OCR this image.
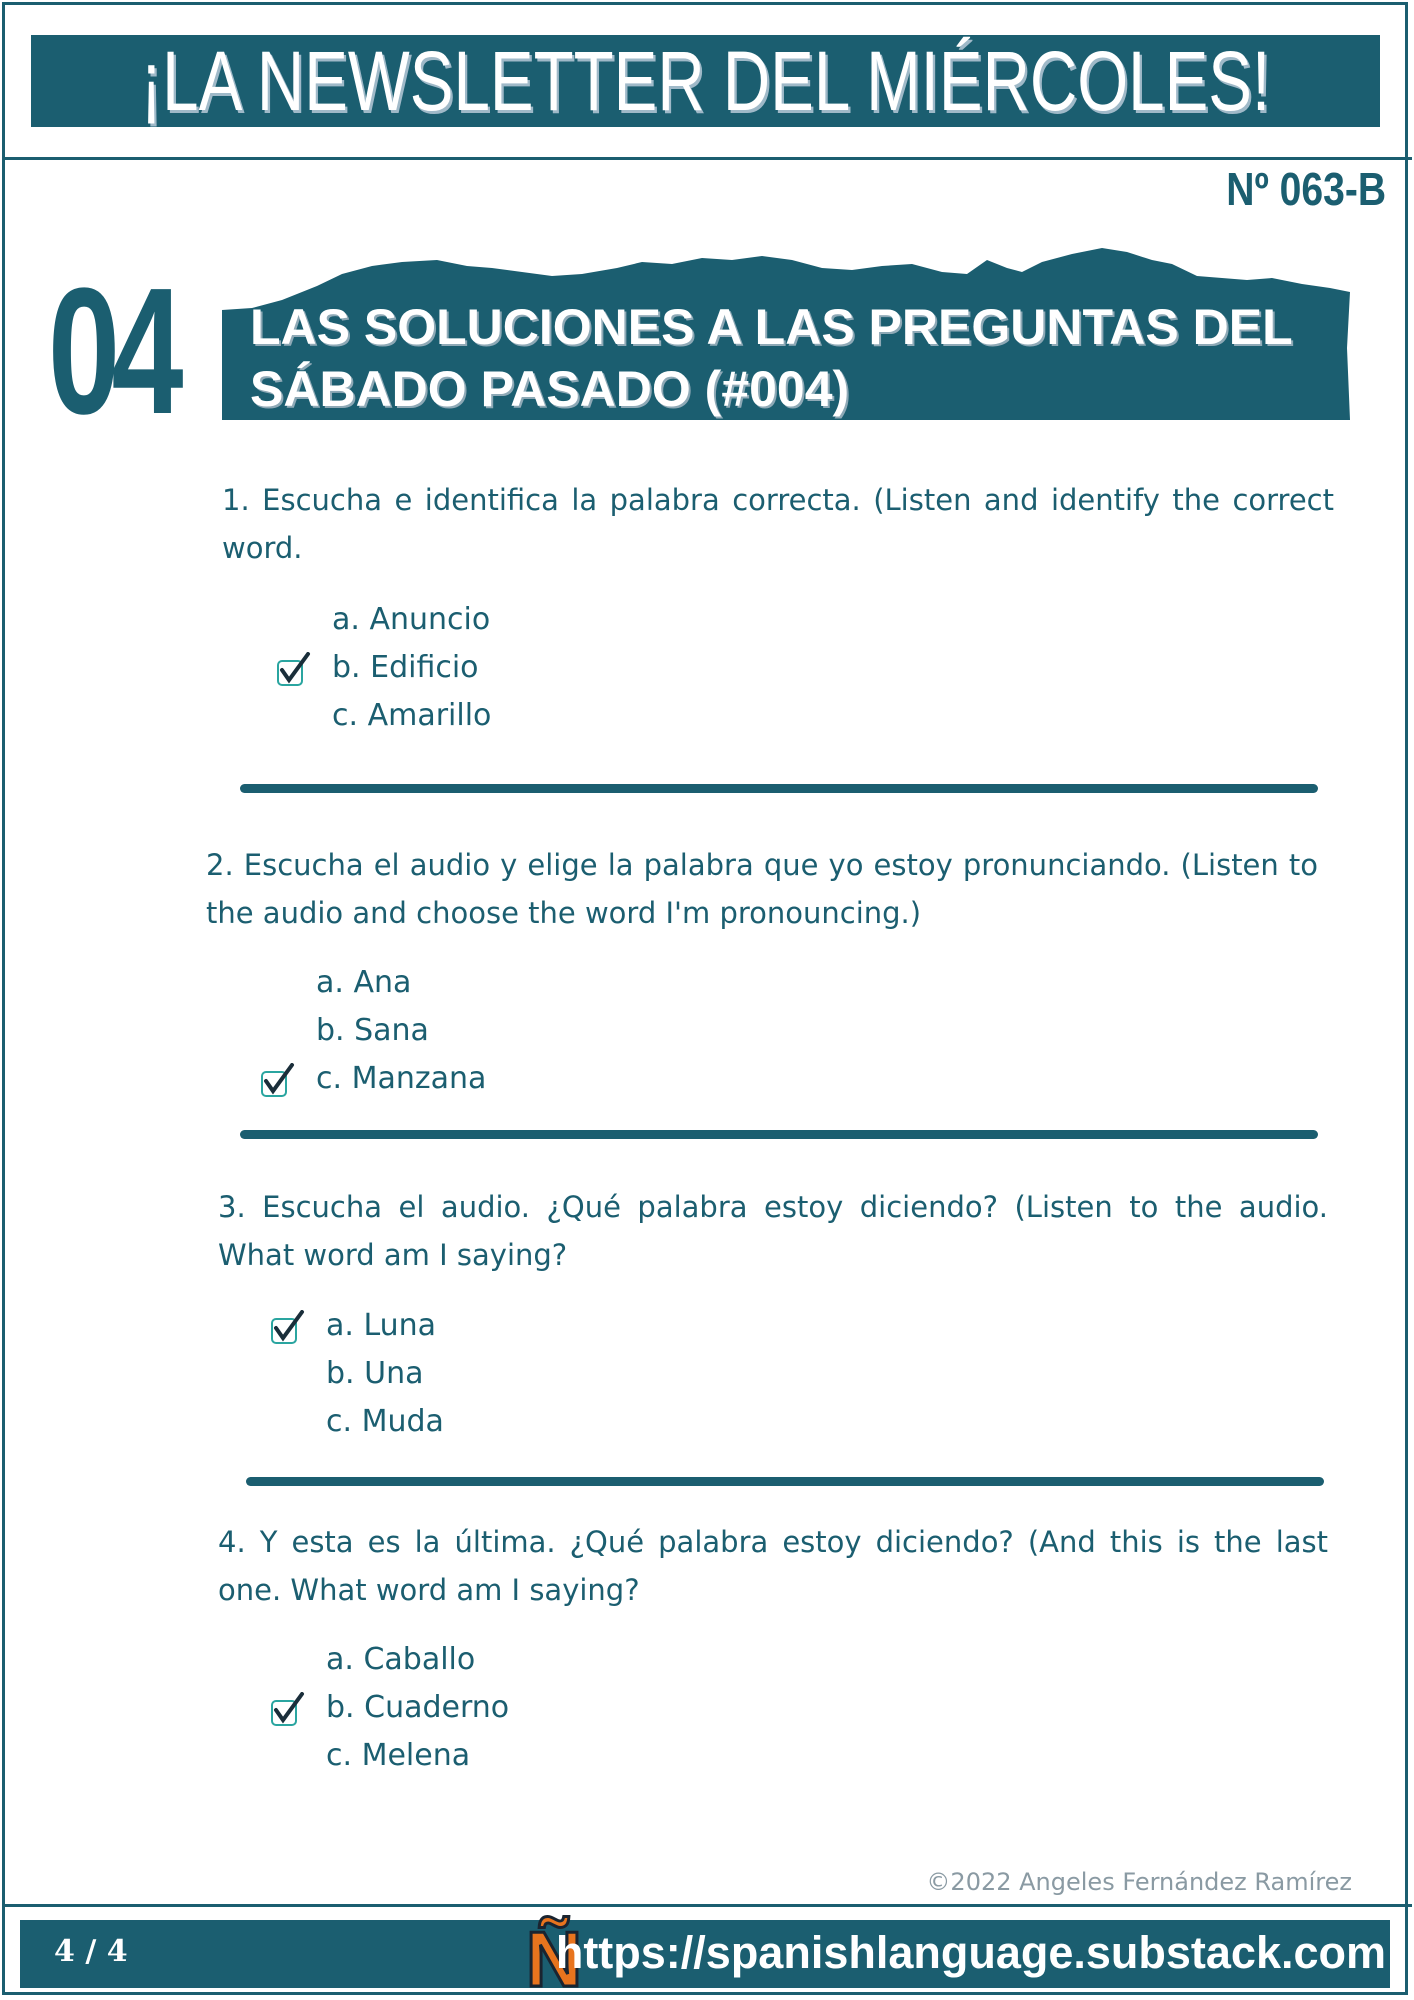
¡LA NEWSLETTER DEL MIÉRCOLES!
Nº 063-B
04 LAS SOLUCIONES A LAS PREGUNTAS DEL
SÁBADO PASADO (#004)
1. Escucha e identifica la palabra correcta. (Listen and identify the correct word.
a. Anuncio
b. Edificio
c. Amarillo
2. Escucha el audio y elige la palabra que yo estoy pronunciando. (Listen to the audio and choose the word I'm pronouncing.)
a. Ana
b. Sana
c. Manzana
3. Escucha el audio. ¿Qué palabra estoy diciendo? (Listen to the audio. What word am I saying?
a. Luna
b. Una
c. Muda
4. Y esta es la última. ¿Qué palabra estoy diciendo? (And this is the last one. What word am I saying?
a. Caballo
b. Cuaderno
c. Melena
©2022 Angeles Fernández Ramírez
4 / 4	Ñ
https://spanishlanguage.substack.com
